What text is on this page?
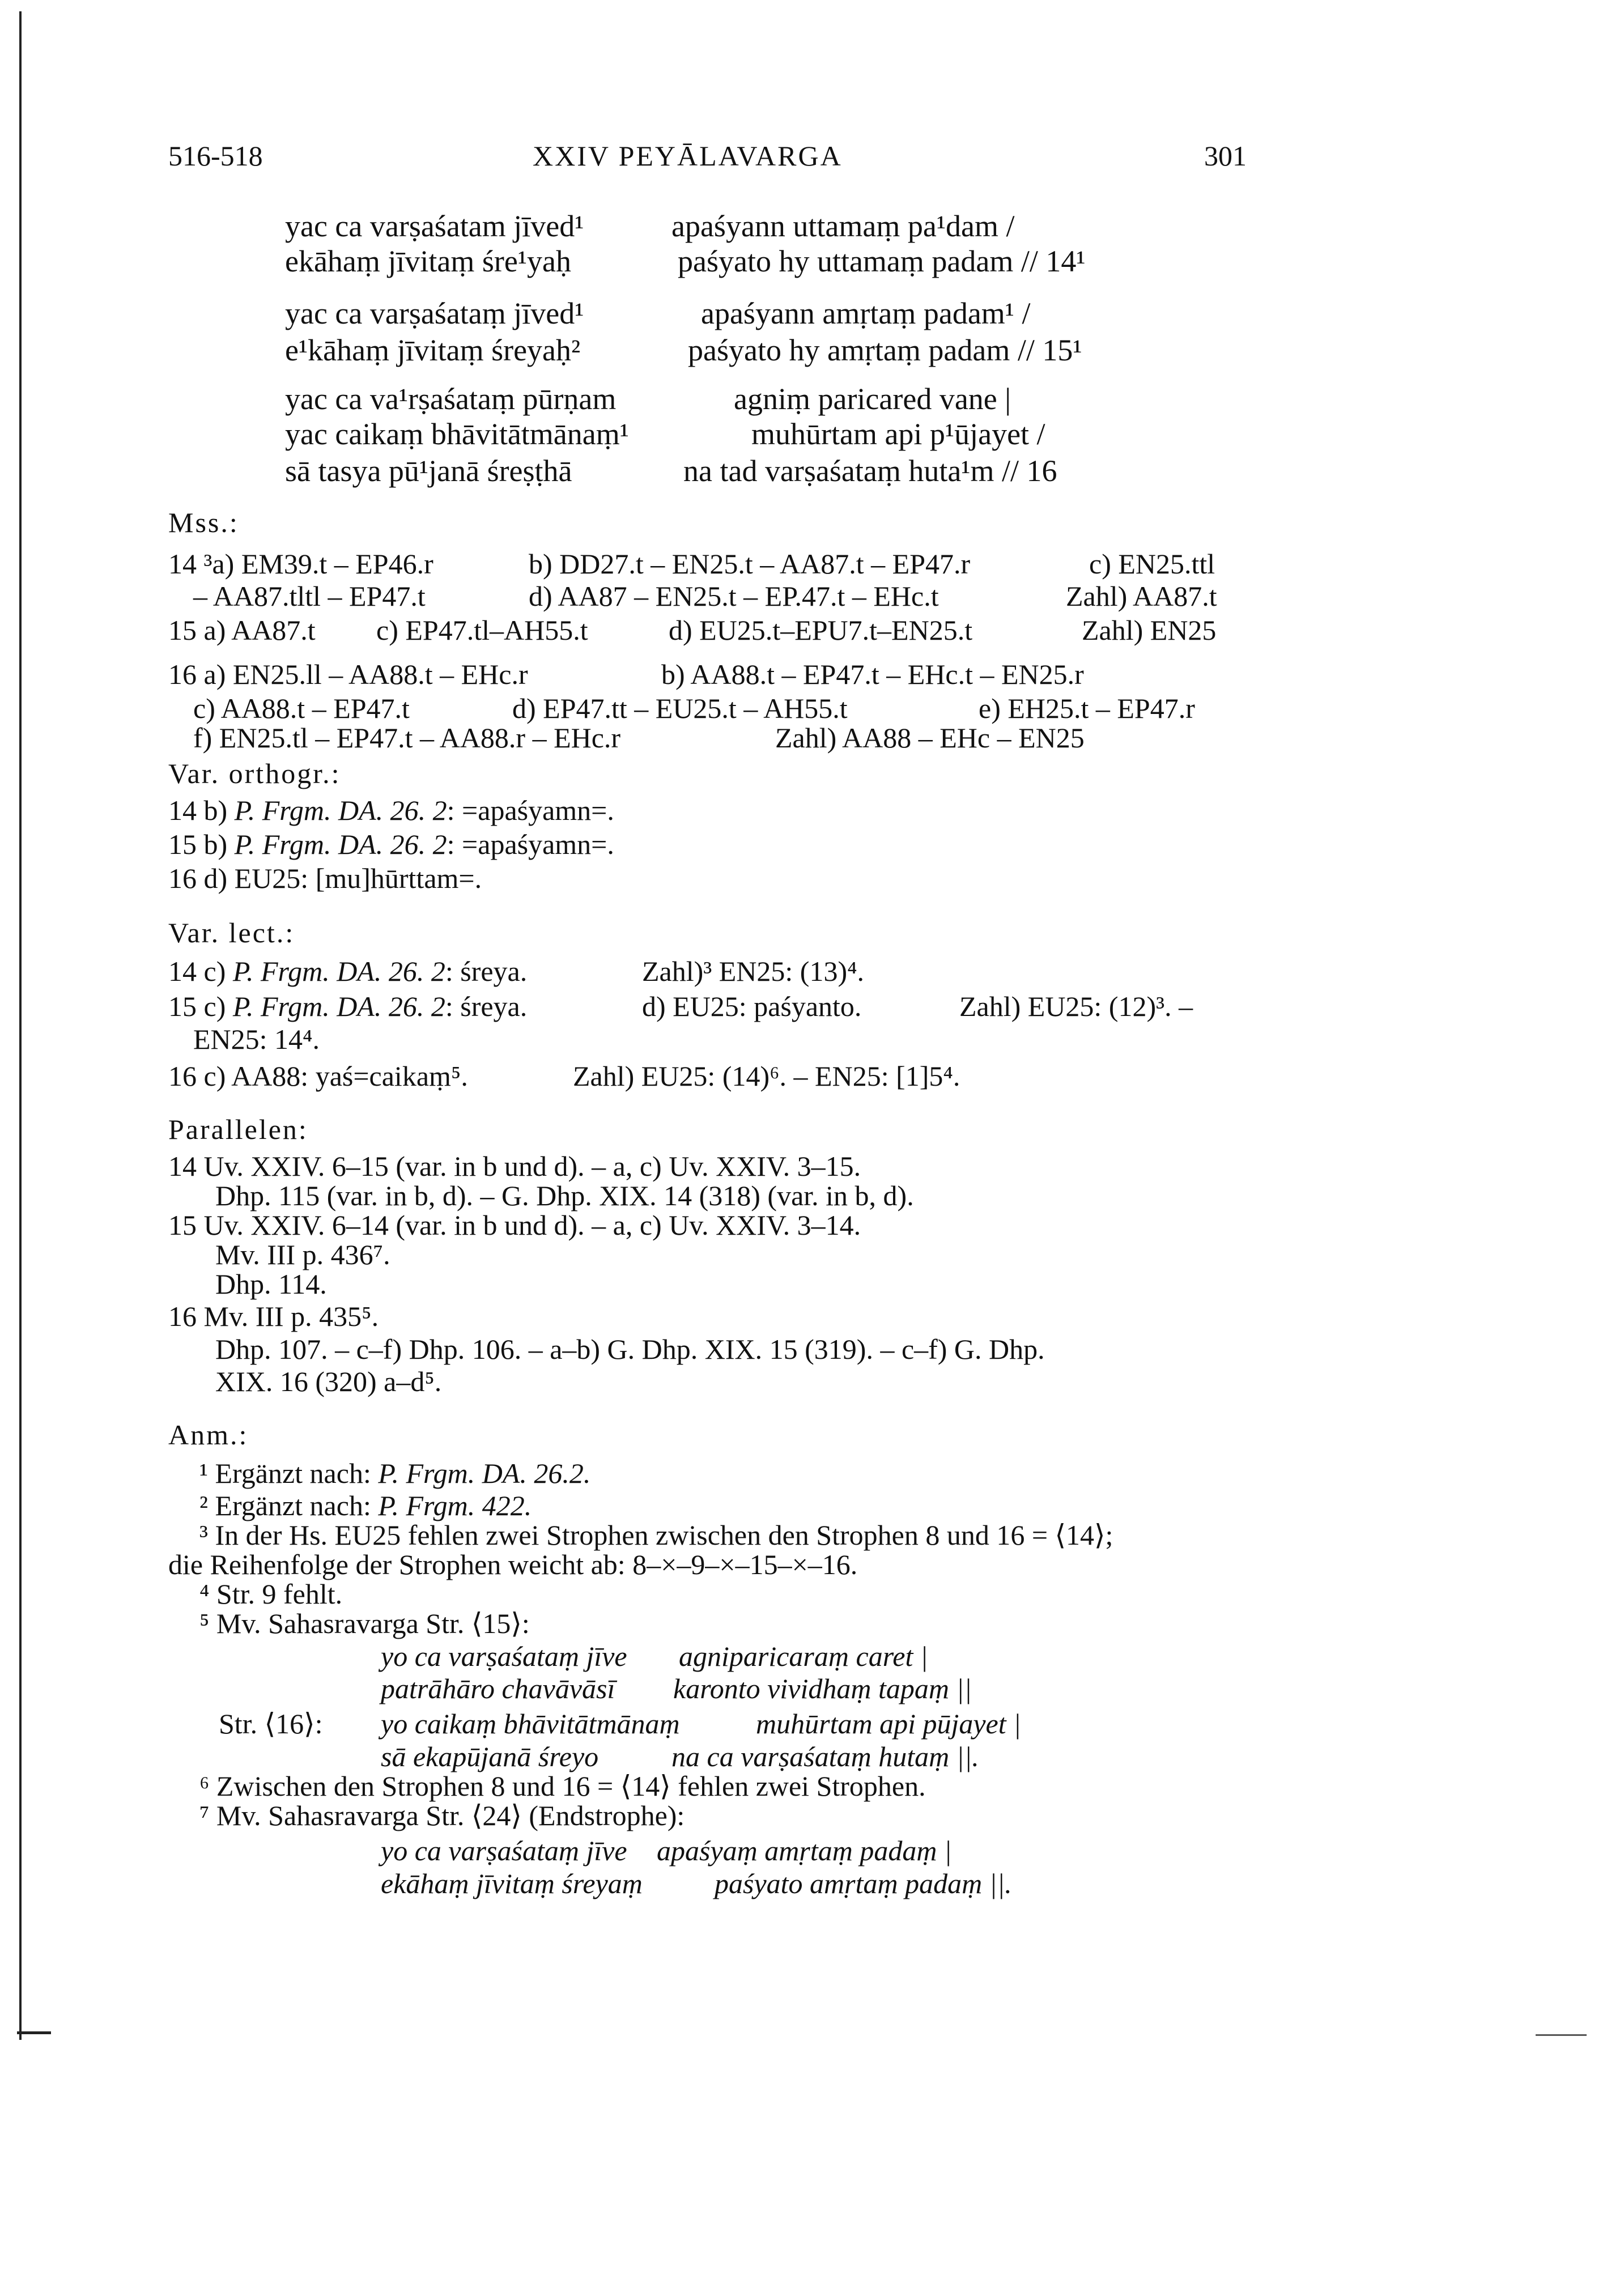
516-518	XXIV PEYĀLAVARGA	301
yac ca varṣaśatam jīved¹	apaśyann uttamaṃ pa¹dam /
ekāhaṃ jīvitaṃ śre¹yaḥ	paśyato hy uttamaṃ padam // 14¹
yac ca varṣaśataṃ jīved¹	apaśyann amṛtaṃ padam¹ /
e¹kāhaṃ jīvitaṃ śreyaḥ²	paśyato hy amṛtaṃ padam // 15¹
yac ca va¹rṣaśataṃ pūrṇam	agniṃ paricared vane |
yac caikaṃ bhāvitātmānaṃ¹	muhūrtam api p¹ūjayet /
sā tasya pū¹janā śreṣṭhā	na tad varṣaśataṃ huta¹m // 16
Mss.:
14 ³a) EM39.t – EP46.r	b) DD27.t – EN25.t – AA87.t – EP47.r	c) EN25.ttl
– AA87.tltl – EP47.t	d) AA87 – EN25.t – EP.47.t – EHc.t	Zahl) AA87.t
15 a) AA87.t c) EP47.tl–AH55.t	d) EU25.t–EPU7.t–EN25.t	Zahl) EN25
16 a) EN25.ll – AA88.t – EHc.r	b) AA88.t – EP47.t – EHc.t – EN25.r
c) AA88.t – EP47.t	d) EP47.tt – EU25.t – AH55.t	e) EH25.t – EP47.r
f) EN25.tl – EP47.t – AA88.r – EHc.r	Zahl) AA88 – EHc – EN25
Var. orthogr.:
14 b) P. Frgm. DA. 26. 2: =apaśyamn=.
15 b) P. Frgm. DA. 26. 2: =apaśyamn=.
16 d) EU25: [mu]hūrttam=.
Var. lect.:
14 c) P. Frgm. DA. 26. 2: śreya.	Zahl)³ EN25: (13)⁴.
15 c) P. Frgm. DA. 26. 2: śreya.	d) EU25: paśyanto.	Zahl) EU25: (12)³. –
EN25: 14⁴.
16 c) AA88: yaś=caikaṃ⁵.	Zahl) EU25: (14)⁶. – EN25: [1]5⁴.
Parallelen:
14 Uv. XXIV. 6–15 (var. in b und d). – a, c) Uv. XXIV. 3–15.
Dhp. 115 (var. in b, d). – G. Dhp. XIX. 14 (318) (var. in b, d).
15 Uv. XXIV. 6–14 (var. in b und d). – a, c) Uv. XXIV. 3–14.
Mv. III p. 436⁷.
Dhp. 114.
16 Mv. III p. 435⁵.
Dhp. 107. – c–f) Dhp. 106. – a–b) G. Dhp. XIX. 15 (319). – c–f) G. Dhp.
XIX. 16 (320) a–d⁵.
Anm.:
¹ Ergänzt nach: P. Frgm. DA. 26.2.
² Ergänzt nach: P. Frgm. 422.
³ In der Hs. EU25 fehlen zwei Strophen zwischen den Strophen 8 und 16 = ⟨14⟩;
die Reihenfolge der Strophen weicht ab: 8–×–9–×–15–×–16.
⁴ Str. 9 fehlt.
⁵ Mv. Sahasravarga Str. ⟨15⟩:
yo ca varṣaśataṃ jīve agniparicaraṃ caret |
patrāhāro chavāvāsī karonto vividhaṃ tapaṃ ||
Str. ⟨16⟩: yo caikaṃ bhāvitātmānaṃ	muhūrtam api pūjayet |
sā ekapūjanā śreyo	na ca varṣaśataṃ hutaṃ ||.
⁶ Zwischen den Strophen 8 und 16 = ⟨14⟩ fehlen zwei Strophen.
⁷ Mv. Sahasravarga Str. ⟨24⟩ (Endstrophe):
yo ca varṣaśataṃ jīve apaśyaṃ amṛtaṃ padaṃ |
ekāhaṃ jīvitaṃ śreyaṃ	paśyato amṛtaṃ padaṃ ||.
